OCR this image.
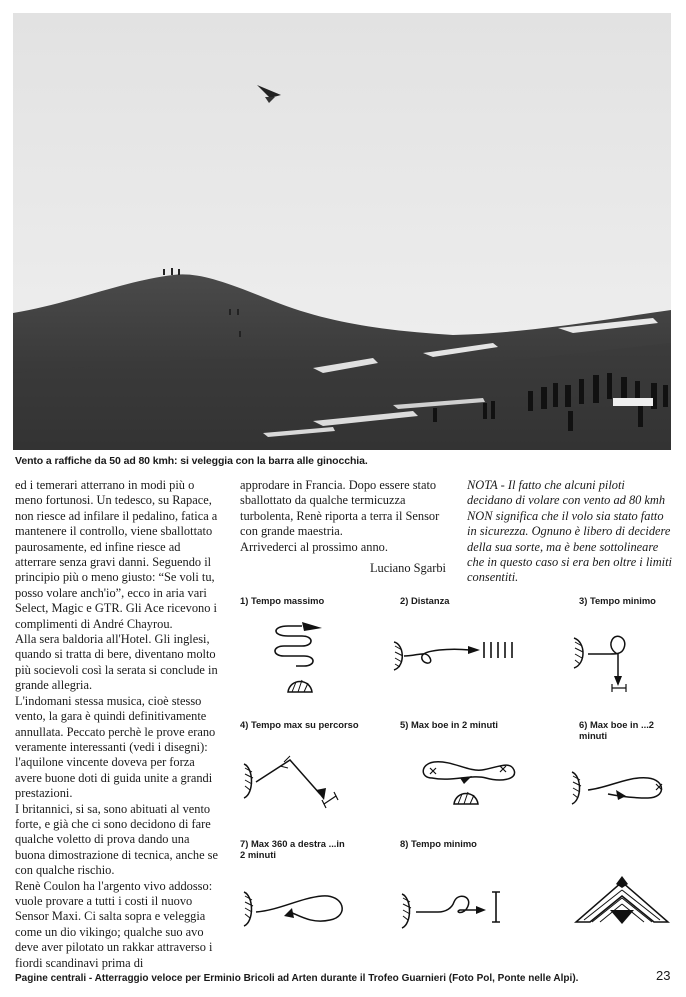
Vento a raffiche da 50 ad 80 kmh: si veleggia con la barra alle ginocchia.

ed i temerari atterrano in modi più o meno fortunosi. Un tedesco, su Rapace, non riesce ad infilare il pedalino, fatica a mantenere il controllo, viene sballottato paurosamente, ed infine riesce ad atterrare senza gravi danni. Seguendo il principio più o meno giusto: “Se voli tu, posso volare anch'io”, ecco in aria vari Select, Magic e GTR. Gli Ace ricevono i complimenti di André Chayrou.

Alla sera baldoria all'Hotel. Gli inglesi, quando si tratta di bere, diventano molto più socievoli così la serata si conclude in grande allegria.

L'indomani stessa musica, cioè stesso vento, la gara è quindi definitivamente annullata. Peccato perchè le prove erano veramente interessanti (vedi i disegni): l'aquilone vincente doveva per forza avere buone doti di guida unite a grandi prestazioni.

I britannici, si sa, sono abituati al vento forte, e già che ci sono decidono di fare qualche voletto di prova dando una buona dimostrazione di tecnica, anche se con qualche rischio.

Renè Coulon ha l'argento vivo addosso: vuole provare a tutti i costi il nuovo Sensor Maxi. Ci salta sopra e veleggia come un dio vikingo; qualche suo avo deve aver pilotato un rakkar attraverso i fiordi scandinavi prima di

approdare in Francia. Dopo essere stato sballottato da qualche termicuzza turbolenta, Renè riporta a terra il Sensor con grande maestria.

Arrivederci al prossimo anno.

Luciano Sgarbi

NOTA - Il fatto che alcuni piloti decidano di volare con vento ad 80 kmh NON significa che il volo sia stato fatto in sicurezza. Ognuno è libero di decidere della sua sorte, ma è bene sottolineare che in questo caso si era ben oltre i limiti consentiti.
1) Tempo massimo	2) Distanza	3) Tempo minimo
4) Tempo max su percorso	5) Max boe in 2 minuti	6) Max boe in ...2 minuti
7) Max 360 a destra ...in 2 minuti
8) Tempo minimo
Pagine centrali - Atterraggio veloce per Erminio Bricoli ad Arten durante il Trofeo Guarnieri (Foto Pol, Ponte nelle Alpi).	23
